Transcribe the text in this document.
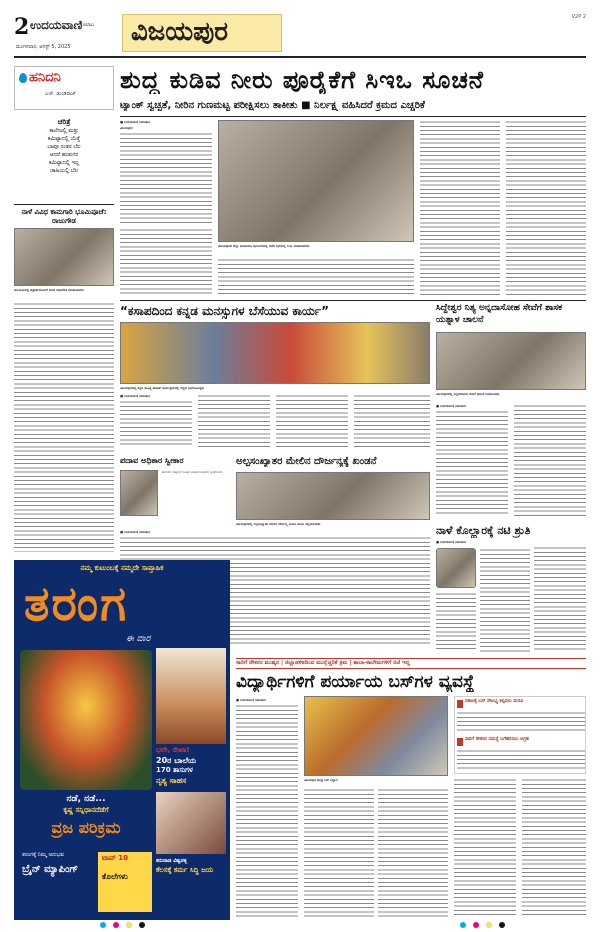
2 ಉದಯವಾಣಿ
ಕೊಲಾಬ
ಮಂಗಳವಾರ, ಆಗಸ್ಟ್ 5, 2025 ವಿಜಯಪುರ	V2P 2
ಹನಿದನಿ
ಎಚ್. ಡುಂಡಿರಾಜ್
ಚರಿತ್ರೆ
ಕಾಲೇಜಲ್ಲಿ ಮತ್ತು
ಕಮಿಟ್ಟಾದಲ್ಲಿ ಯೆತ್ತೆ
ಬಾಪೂ ನಂತರ ಬೆಲ
ಆದರೆ ಹುಡುಗರ
ಕಮಿಟ್ಟಾದಲ್ಲಿ ಇಲ್ಲ
ಚಾಹಿಯಲ್ಲಿ ಬೆಲ
ನಾಳೆ ವಿವಿಧ ಕಾಮಗಾರಿ ಭೂಮಿಪೂಜೆ: ರಾಜುಗೌಡ
ಹುಬನೂರಿನಲ್ಲಿ ಪತ್ರಕರ್ತರೊಂದಿಗೆ ಶಾಸಕ ರಾಜುಗೌಡ ಮಾತನಾಡಿದರು
ಶುದ್ಧ ಕುಡಿವ ನೀರು ಪೂರೈಕೆಗೆ ಸಿಇಒ ಸೂಚನೆ
ಟ್ಯಾಂಕ್ ಸ್ವಚ್ಛತೆ, ನೀರಿನ ಗುಣಮಟ್ಟ ಪರೀಕ್ಷಿಸಲು ತಾಕೀತು ■ ನಿರ್ಲಕ್ಷ್ಯ ವಹಿಸಿದರೆ ಕ್ರಮದ ಎಚ್ಚರಿಕೆ
■ ಉದಯವಾಣಿ ಸಮಾಚಾರ
ವಿಜಯಪುರ:
ವಿಜಯಪುರದ ಜಿಲ್ಲಾ ಪಂಚಾಯಿತಿ ಸಭಾಂಗಣದಲ್ಲಿ ನಡೆದ ಸಭೆಯಲ್ಲಿ ಸಿಇಒ ಮಾತನಾಡಿದರು
“ಕಸಾಪದಿಂದ ಕನ್ನಡ ಮನಸ್ಸುಗಳ ಬೆಸೆಯುವ ಕಾರ್ಯ”
ವಿಜಯಪುರದಲ್ಲಿ ಕನ್ನಡ ಸಾಹಿತ್ಯ ಪರಿಷತ್ ಕಾರ್ಯಕ್ರಮದಲ್ಲಿ ಗಣ್ಯರು ಭಾಗವಹಿಸಿದ್ದರು
■ ಉದಯವಾಣಿ ಸಮಾಚಾರ
ಸಿದ್ದೇಶ್ವರ ನಿತ್ಯ ಅನ್ನದಾಸೋಹ ಸೇವೆಗೆ ಶಾಸಕ ಯತ್ನಾಳ ಚಾಲನೆ
ವಿಜಯಪುರದಲ್ಲಿ ಅನ್ನದಾಸೋಹ ಸೇವೆಗೆ ಚಾಲನೆ ನೀಡಲಾಯಿತು
■ ಉದಯವಾಣಿ ಸಮಾಚಾರ
ಪದಾವ ಅಧಿಕಾರ ಸ್ವೀಕಾರ
ಹುಣಸಗಿ: ಪಟ್ಟಣದ ನೂತನ ಅಧಿಕಾರಿ ಅಧಿಕಾರ ಸ್ವೀಕರಿಸಿದರು
ಅಲ್ಪಸಂಖ್ಯಾತರ ಮೇಲಿನ ದೌರ್ಜನ್ಯಕ್ಕೆ ಖಂಡನೆ
ವಿಜಯಪುರದಲ್ಲಿ ಅಲ್ಪಸಂಖ್ಯಾತರ ಮೇಲಿನ ದೌರ್ಜನ್ಯ ಖಂಡಿಸಿ ಮನವಿ ಸಲ್ಲಿಸಲಾಯಿತು
■ ಉದಯವಾಣಿ ಸಮಾಚಾರ	ನಾಳೆ ಕೊಲ್ಹಾರಕ್ಕೆ ನಟಿ ಶ್ರುತಿ
■ ಉದಯವಾಣಿ ಸಮಾಚಾರ
ಸಾರಿಗೆ ನೌಕರರ ಮುಷ್ಕರ | ಜಿಲ್ಲಾಡಳಿತದಿಂದ ಮುನ್ನೆಚ್ಚರಿಕೆ ಕ್ರಮ | ಶಾಲಾ-ಕಾಲೇಜುಗಳಿಗೆ ರಜೆ ಇಲ್ಲ
ವಿದ್ಯಾರ್ಥಿಗಳಿಗೆ ಪರ್ಯಾಯ ಬಸ್‌ಗಳ ವ್ಯವಸ್ಥೆ
■ ಉದಯವಾಣಿ ಸಮಾಚಾರ
ವಿಜಯಪುರ ಕೇಂದ್ರ ಬಸ್ ನಿಲ್ದಾಣ
ಸಕಾಲಕ್ಕೆ ಬಸ್ ಸೌಲಭ್ಯ ಕಲ್ಪಿಸಲು ಮನವಿ
ಸಾರಿಗೆ ನೌಕರರ ಸಮಸ್ಯೆ ಬಗೆಹರಿಸಲು ಆಗ್ರಹ
ನಮ್ಮ ಕುಟುಂಬಕ್ಕೆ ನಮ್ಮದೇ ಸಾಪ್ತಾಹಿಕ
ತರಂಗ
ಈ ವಾರ
ಭಲೇ, ರೇಖಾ!
20ರ ಬಾಲೆಯ
170 ತಾಸುಗಳ
ನೃತ್ಯ ಸಾಹಸ
ನಡೆ, ನಡೆ...
ಕೃಷ್ಣ ಸನ್ನಿಧಾನದೆಡೆಗೆ
ವ್ರಜ ಪರಿಕ್ರಮ
ಕರುನಾಡ ವಿಶ್ವರತ್ನ
ಕೆಲಸಕ್ಕೆ ಕರ್ಮ ಸಿದ್ಧಿ ಜಯ
ತರಂಗಕ್ಕೆ ನಿಮ್ಮ ಅನುಭವ
ಬ್ರೈನ್ ಮ್ಯಾಪಿಂಗ್
ಟಾಪ್ 10
ಕೊಲೆಗಳು
